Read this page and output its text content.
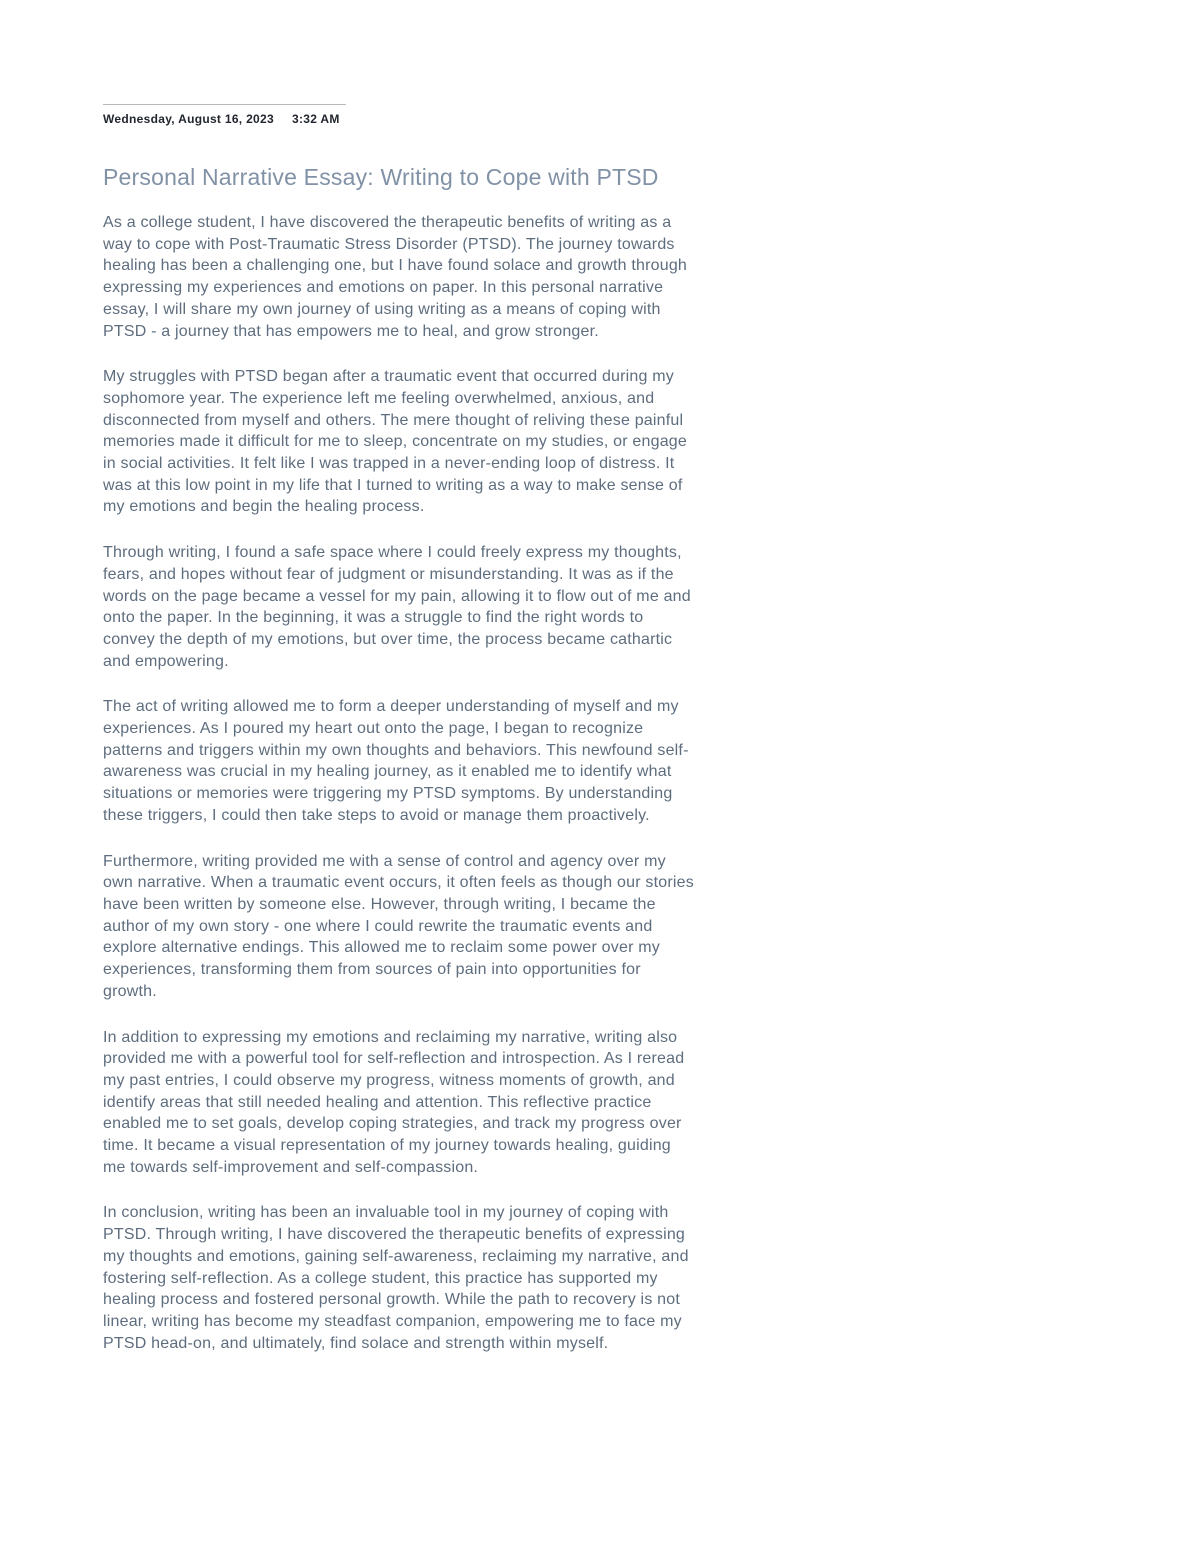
Wednesday, August 16, 2023 3:32 AM
Personal Narrative Essay: Writing to Cope with PTSD

As a college student, I have discovered the therapeutic benefits of writing as a way to cope with Post-Traumatic Stress Disorder (PTSD). The journey towards healing has been a challenging one, but I have found solace and growth through expressing my experiences and emotions on paper. In this personal narrative essay, I will share my own journey of using writing as a means of coping with PTSD - a journey that has empowers me to heal, and grow stronger.

My struggles with PTSD began after a traumatic event that occurred during my sophomore year. The experience left me feeling overwhelmed, anxious, and disconnected from myself and others. The mere thought of reliving these painful memories made it difficult for me to sleep, concentrate on my studies, or engage in social activities. It felt like I was trapped in a never-ending loop of distress. It was at this low point in my life that I turned to writing as a way to make sense of my emotions and begin the healing process.

Through writing, I found a safe space where I could freely express my thoughts, fears, and hopes without fear of judgment or misunderstanding. It was as if the words on the page became a vessel for my pain, allowing it to flow out of me and onto the paper. In the beginning, it was a struggle to find the right words to convey the depth of my emotions, but over time, the process became cathartic and empowering.

The act of writing allowed me to form a deeper understanding of myself and my experiences. As I poured my heart out onto the page, I began to recognize patterns and triggers within my own thoughts and behaviors. This newfound self-awareness was crucial in my healing journey, as it enabled me to identify what situations or memories were triggering my PTSD symptoms. By understanding these triggers, I could then take steps to avoid or manage them proactively.

Furthermore, writing provided me with a sense of control and agency over my own narrative. When a traumatic event occurs, it often feels as though our stories have been written by someone else. However, through writing, I became the author of my own story - one where I could rewrite the traumatic events and explore alternative endings. This allowed me to reclaim some power over my experiences, transforming them from sources of pain into opportunities for growth.

In addition to expressing my emotions and reclaiming my narrative, writing also provided me with a powerful tool for self-reflection and introspection. As I reread my past entries, I could observe my progress, witness moments of growth, and identify areas that still needed healing and attention. This reflective practice enabled me to set goals, develop coping strategies, and track my progress over time. It became a visual representation of my journey towards healing, guiding me towards self-improvement and self-compassion.

In conclusion, writing has been an invaluable tool in my journey of coping with PTSD. Through writing, I have discovered the therapeutic benefits of expressing my thoughts and emotions, gaining self-awareness, reclaiming my narrative, and fostering self-reflection. As a college student, this practice has supported my healing process and fostered personal growth. While the path to recovery is not linear, writing has become my steadfast companion, empowering me to face my PTSD head-on, and ultimately, find solace and strength within myself.
